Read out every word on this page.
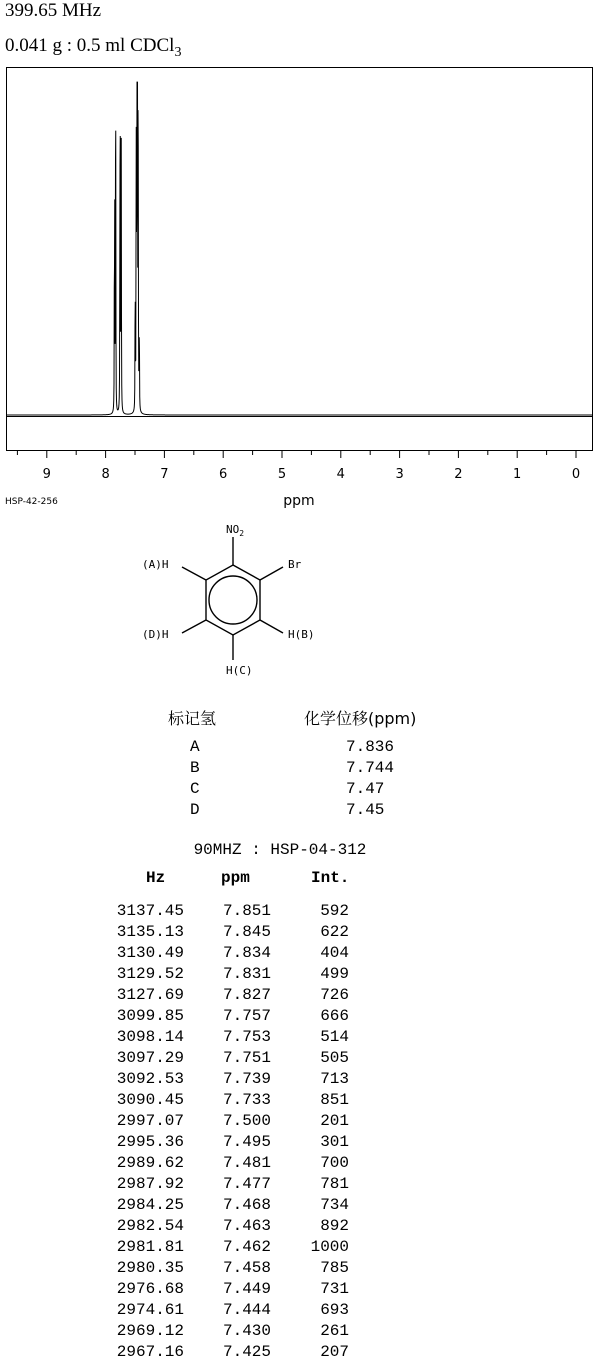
399.65 MHz
0.041 g : 0.5 ml CDCl$_3$
9	8	7	6	5	4	3	2	1	0
ppm
HSP-42-256
$NO_2$
Br
H(B)
H(C)
(D)H
(A)H
标记氢	化学位移(ppm)
A	7.836
B	7.744
C	7.47
D	7.45
90MHZ : HSP-04-312
Hz	ppm	Int.
3137.45	7.851	592
3135.13	7.845	622
3130.49	7.834	404
3129.52	7.831	499
3127.69	7.827	726
3099.85	7.757	666
3098.14	7.753	514
3097.29	7.751	505
3092.53	7.739	713
3090.45	7.733	851
2997.07	7.500	201
2995.36	7.495	301
2989.62	7.481	700
2987.92	7.477	781
2984.25	7.468	734
2982.54	7.463	892
2981.81	7.462	1000
2980.35	7.458	785
2976.68	7.449	731
2974.61	7.444	693
2969.12	7.430	261
2967.16	7.425	207
